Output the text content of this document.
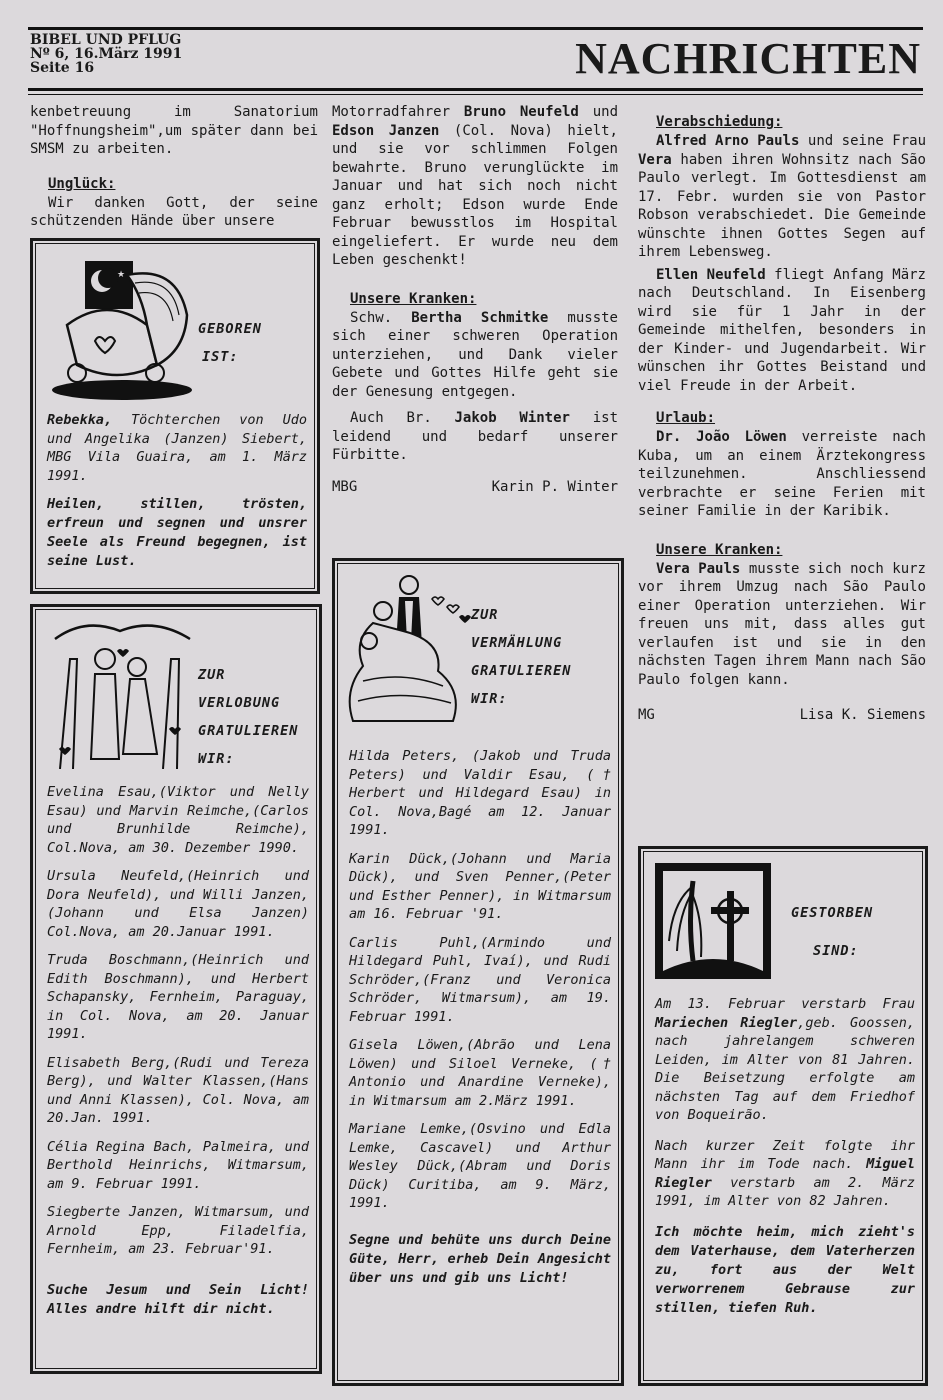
BIBEL UND PFLUG
Nº 6, 16.März 1991
Seite 16	NACHRICHTEN

kenbetreuung im Sanatorium "Hoffnungsheim",um später dann bei SMSM zu arbeiten.

Unglück:

Wir danken Gott, der seine schützenden Hände über unsere

★
GEBOREN
IST:

Rebekka, Töchterchen von Udo und Angelika (Janzen) Siebert, MBG Vila Guaira, am 1. März 1991.

Heilen, stillen, trösten, erfreun und segnen und unsrer Seele als Freund begegnen, ist seine Lust.

ZUR
VERLOBUNG
GRATULIEREN
WIR:

Evelina Esau,(Viktor und Nelly Esau) und Marvin Reimche,(Carlos und Brunhilde Reimche), Col.Nova, am 30. Dezember 1990.

Ursula Neufeld,(Heinrich und Dora Neufeld), und Willi Janzen,(Johann und Elsa Janzen) Col.Nova, am 20.Januar 1991.

Truda Boschmann,(Heinrich und Edith Boschmann), und Herbert Schapansky, Fernheim, Paraguay, in Col. Nova, am 20. Januar 1991.

Elisabeth Berg,(Rudi und Tereza Berg), und Walter Klassen,(Hans und Anni Klassen), Col. Nova, am 20.Jan. 1991.

Célia Regina Bach, Palmeira, und Berthold Heinrichs, Witmarsum, am 9. Februar 1991.

Siegberte Janzen, Witmarsum, und Arnold Epp, Filadelfia, Fernheim, am 23. Februar'91.

Suche Jesum und Sein Licht! Alles andre hilft dir nicht.

Motorradfahrer Bruno Neufeld und Edson Janzen (Col. Nova) hielt, und sie vor schlimmen Folgen bewahrte. Bruno verunglückte im Januar und hat sich noch nicht ganz erholt; Edson wurde Ende Februar bewusstlos im Hospital eingeliefert. Er wurde neu dem Leben geschenkt!

Unsere Kranken:

Schw. Bertha Schmitke musste sich einer schweren Operation unterziehen, und Dank vieler Gebete und Gottes Hilfe geht sie der Genesung entgegen.

Auch Br. Jakob Winter ist leidend und bedarf unserer Fürbitte.

MBG	Karin P. Winter
ZUR
VERMÄHLUNG
GRATULIEREN
WIR:

Hilda Peters, (Jakob und Truda Peters) und Valdir Esau, († Herbert und Hildegard Esau) in Col. Nova,Bagé am 12. Januar 1991.

Karin Dück,(Johann und Maria Dück), und Sven Penner,(Peter und Esther Penner), in Witmarsum am 16. Februar '91.

Carlis Puhl,(Armindo und Hildegard Puhl, Ivaí), und Rudi Schröder,(Franz und Veronica Schröder, Witmarsum), am 19. Februar 1991.

Gisela Löwen,(Abrão und Lena Löwen) und Siloel Verneke, († Antonio und Anardine Verneke), in Witmarsum am 2.März 1991.

Mariane Lemke,(Osvino und Edla Lemke, Cascavel) und Arthur Wesley Dück,(Abram und Doris Dück) Curitiba, am 9. März, 1991.

Segne und behüte uns durch Deine Güte, Herr, erheb Dein Angesicht über uns und gib uns Licht!

Verabschiedung:

Alfred Arno Pauls und seine Frau Vera haben ihren Wohnsitz nach São Paulo verlegt. Im Gottesdienst am 17. Febr. wurden sie von Pastor Robson verabschiedet. Die Gemeinde wünschte ihnen Gottes Segen auf ihrem Lebensweg.

Ellen Neufeld fliegt Anfang März nach Deutschland. In Eisenberg wird sie für 1 Jahr in der Gemeinde mithelfen, besonders in der Kinder- und Jugendarbeit. Wir wünschen ihr Gottes Beistand und viel Freude in der Arbeit.

Urlaub:

Dr. João Löwen verreiste nach Kuba, um an einem Ärztekongress teilzunehmen. Anschliessend verbrachte er seine Ferien mit seiner Familie in der Karibik.

Unsere Kranken:

Vera Pauls musste sich noch kurz vor ihrem Umzug nach São Paulo einer Operation unterziehen. Wir freuen uns mit, dass alles gut verlaufen ist und sie in den nächsten Tagen ihrem Mann nach São Paulo folgen kann.

MG	Lisa K. Siemens
GESTORBEN
SIND:

Am 13. Februar verstarb Frau Mariechen Riegler,geb. Goossen, nach jahrelangem schweren Leiden, im Alter von 81 Jahren. Die Beisetzung erfolgte am nächsten Tag auf dem Friedhof von Boqueirão.

Nach kurzer Zeit folgte ihr Mann ihr im Tode nach. Miguel Riegler verstarb am 2. März 1991, im Alter von 82 Jahren.

Ich möchte heim, mich zieht's dem Vaterhause, dem Vaterherzen zu, fort aus der Welt verworrenem Gebrause zur stillen, tiefen Ruh.
